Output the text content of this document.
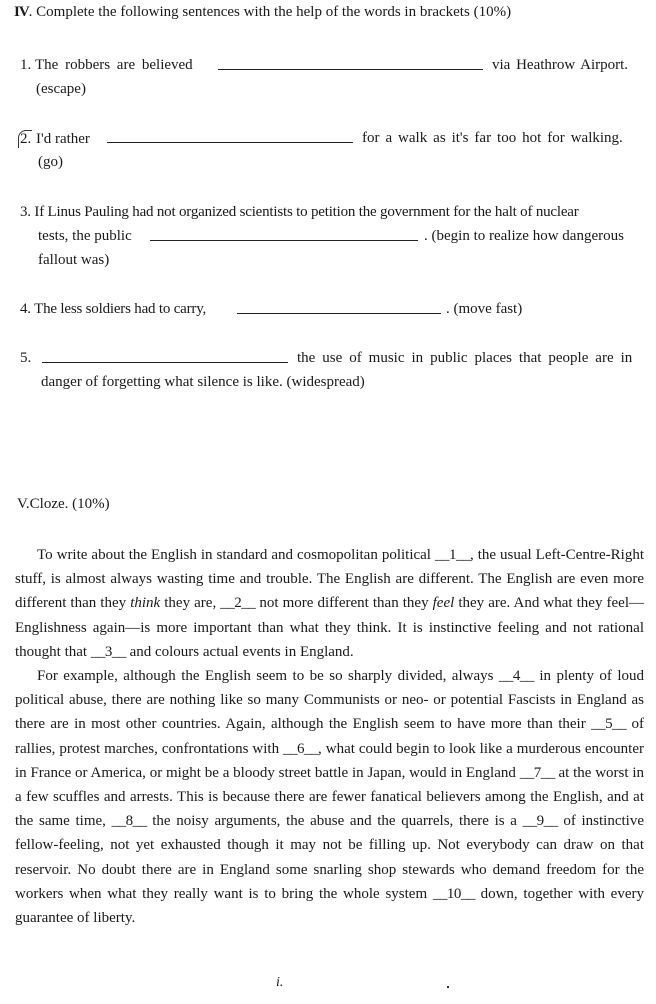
IV. Complete the following sentences with the help of the words in brackets (10%)
1. The robbers are believed	via Heathrow Airport.
(escape)
2. I'd rather	for a walk as it's far too hot for walking.
(go)
3. If Linus Pauling had not organized scientists to petition the government for the halt of nuclear
tests, the public	. (begin to realize how dangerous
fallout was)
4. The less soldiers had to carry,	. (move fast)
5.	the use of music in public places that people are in
danger of forgetting what silence is like. (widespread)
V.Cloze. (10%)

To write about the English in standard and cosmopolitan political __1__, the usual Left-Centre-Right stuff, is almost always wasting time and trouble. The English are different. The English are even more different than they think they are, __2__ not more different than they feel they are. And what they feel—Englishness again—is more important than what they think. It is instinctive feeling and not rational thought that __3__ and colours actual events in England.

For example, although the English seem to be so sharply divided, always __4__ in plenty of loud political abuse, there are nothing like so many Communists or neo- or potential Fascists in England as there are in most other countries. Again, although the English seem to have more than their __5__ of rallies, protest marches, confrontations with __6__, what could begin to look like a murderous encounter in France or America, or might be a bloody street battle in Japan, would in England __7__ at the worst in a few scuffles and arrests. This is because there are fewer fanatical believers among the English, and at the same time, __8__ the noisy arguments, the abuse and the quarrels, there is a __9__ of instinctive fellow-feeling, not yet exhausted though it may not be filling up. Not everybody can draw on that reservoir. No doubt there are in England some snarling shop stewards who demand freedom for the workers when what they really want is to bring the whole system __10__ down, together with every guarantee of liberty.

i.
